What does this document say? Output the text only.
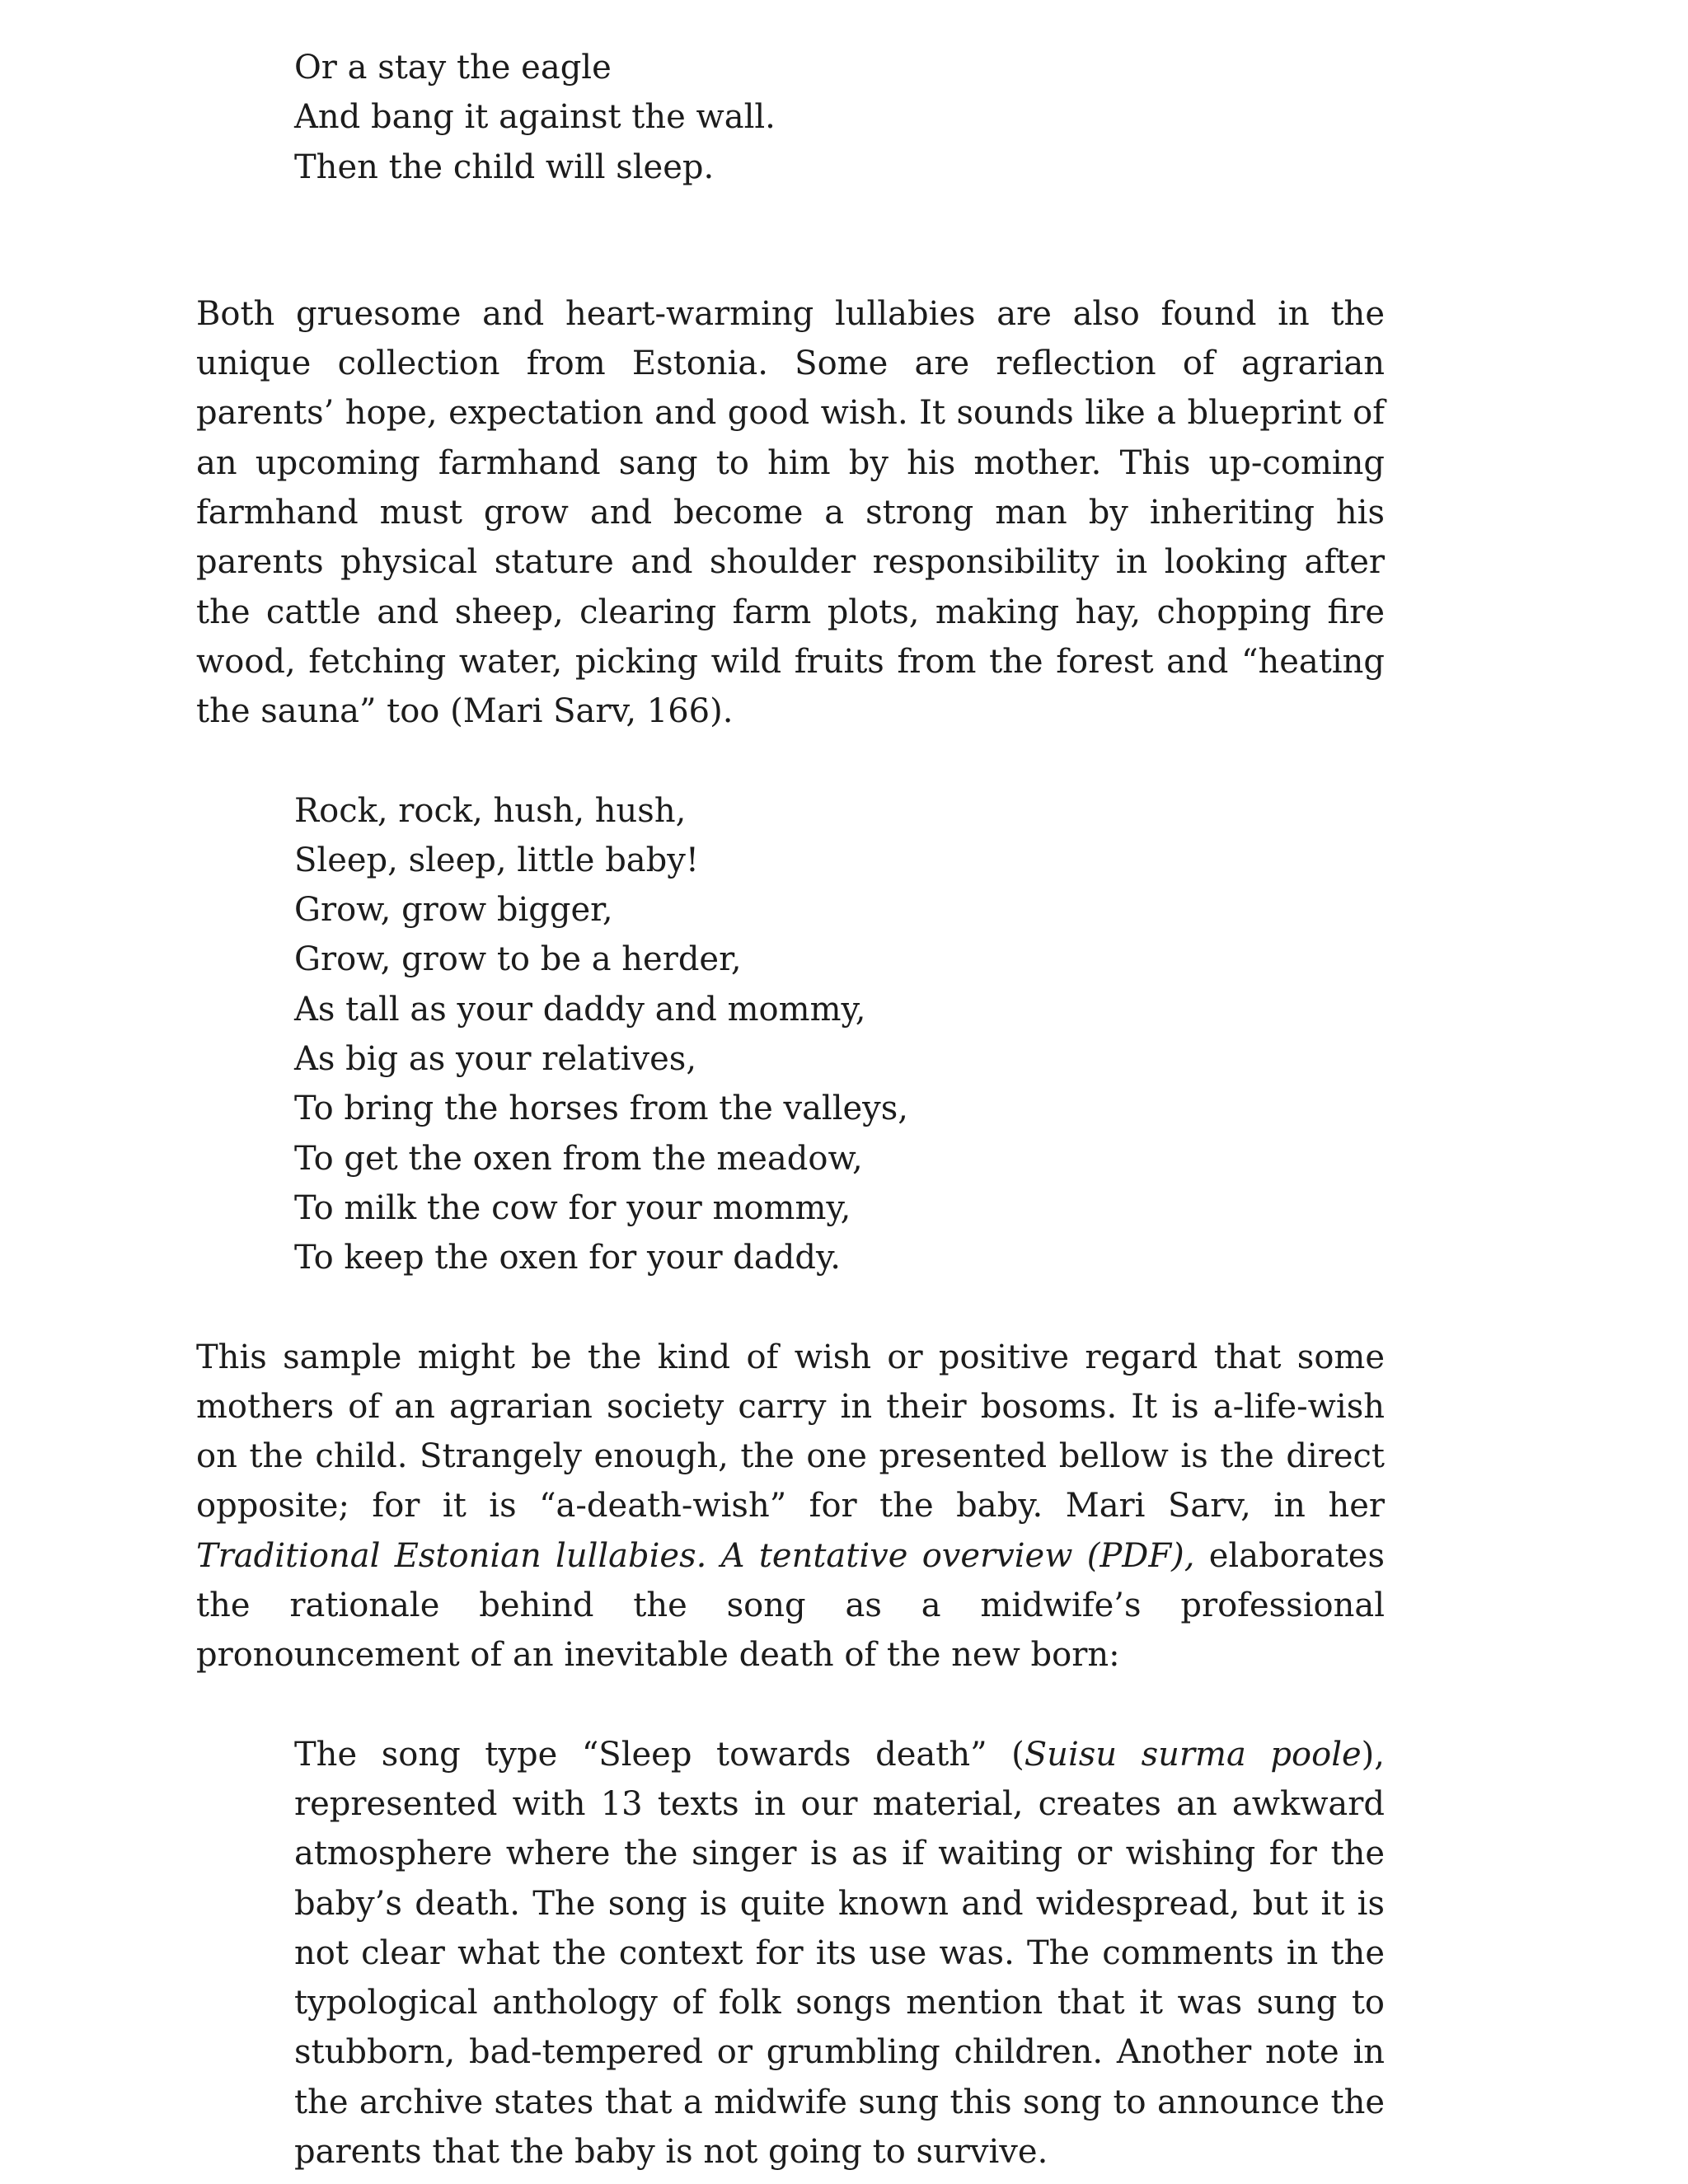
Or a stay the eagle
And bang it against the wall.
Then the child will sleep.

Both gruesome and heart-warming lullabies are also found in the unique collection from Estonia. Some are reflection of agrarian parents’ hope, expectation and good wish. It sounds like a blueprint of an upcoming farmhand sang to him by his mother. This up-coming farmhand must grow and become a strong man by inheriting his parents physical stature and shoulder responsibility in looking after the cattle and sheep, clearing farm plots, making hay, chopping fire wood, fetching water, picking wild fruits from the forest and “heating the sauna” too (Mari Sarv, 166).

Rock, rock, hush, hush,
Sleep, sleep, little baby!
Grow, grow bigger,
Grow, grow to be a herder,
As tall as your daddy and mommy,
As big as your relatives,
To bring the horses from the valleys,
To get the oxen from the meadow,
To milk the cow for your mommy,
To keep the oxen for your daddy.

This sample might be the kind of wish or positive regard that some mothers of an agrarian society carry in their bosoms. It is a-life-wish on the child. Strangely enough, the one presented bellow is the direct opposite; for it is “a-death-wish” for the baby. Mari Sarv, in her Traditional Estonian lullabies. A tentative overview (PDF), elaborates the rationale behind the song as a midwife’s professional pronouncement of an inevitable death of the new born:

The song type “Sleep towards death” (Suisu surma poole), represented with 13 texts in our material, creates an awkward atmosphere where the singer is as if waiting or wishing for the baby’s death. The song is quite known and widespread, but it is not clear what the context for its use was. The comments in the typological anthology of folk songs mention that it was sung to stubborn, bad-tempered or grumbling children. Another note in the archive states that a midwife sung this song to announce the parents that the baby is not going to survive.
